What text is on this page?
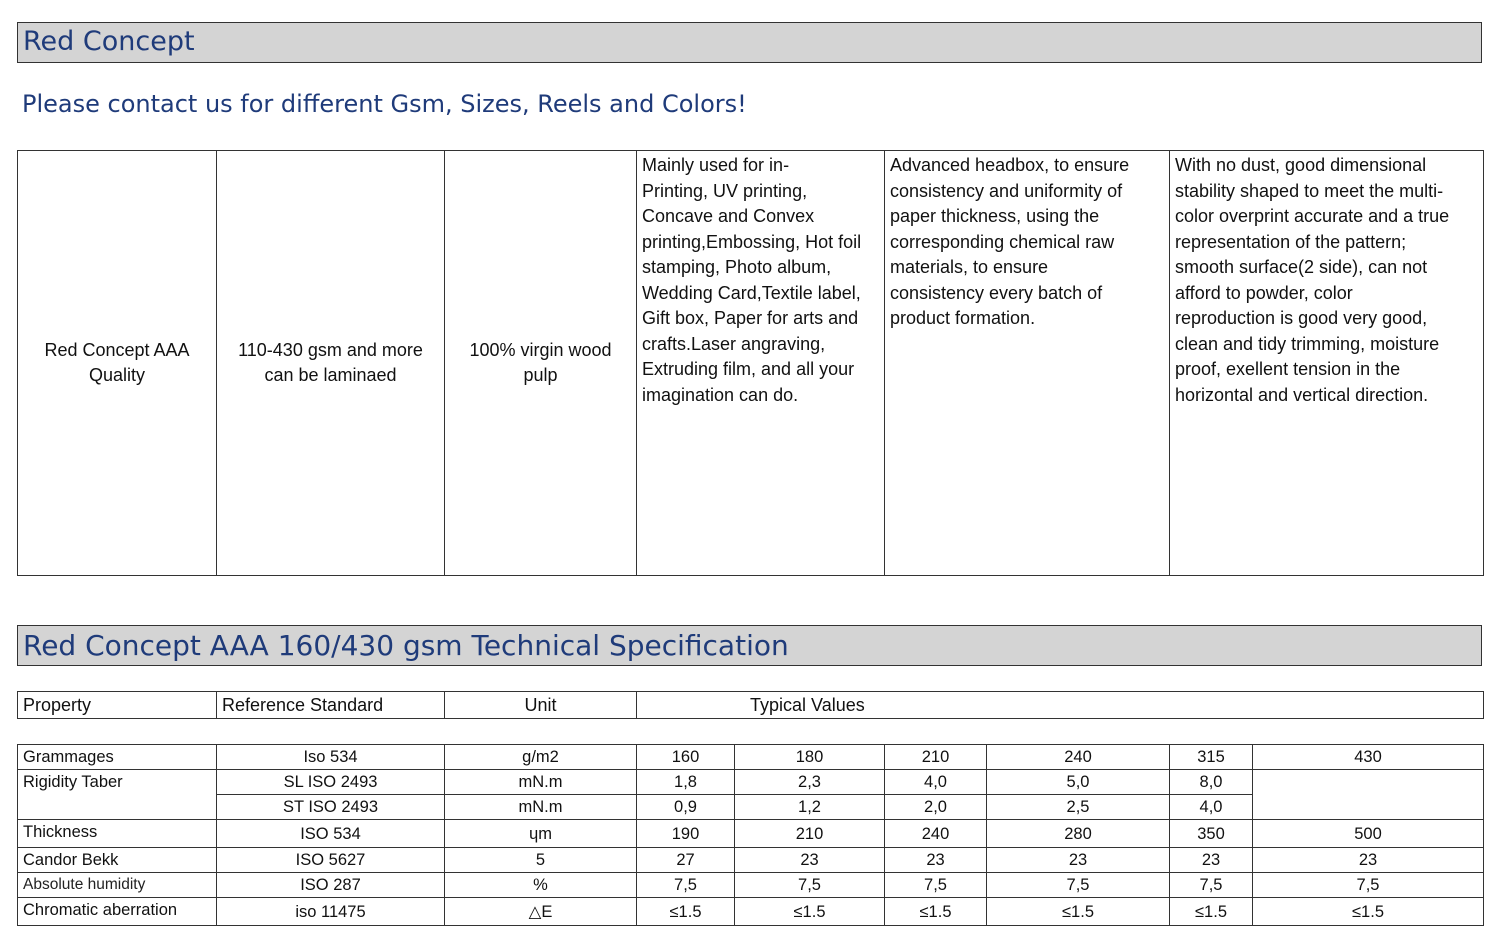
Red Concept
Please contact us for different Gsm, Sizes, Reels and Colors!
Red Concept AAA Quality	110-430 gsm and more can be laminaed	100% virgin wood pulp	Mainly used for in-
Printing, UV printing,
Concave and Convex
printing,Embossing, Hot foil
stamping, Photo album,
Wedding Card,Textile label,
Gift box, Paper for arts and
crafts.Laser angraving,
Extruding film, and all your
imagination can do.	Advanced headbox, to ensure
consistency and uniformity of
paper thickness, using the
corresponding chemical raw
materials, to ensure
consistency every batch of
product formation.	With no dust, good dimensional
stability shaped to meet the multi-
color overprint accurate and a true
representation of the pattern;
smooth surface(2 side), can not
afford to powder, color
reproduction is good very good,
clean and tidy trimming, moisture
proof, exellent tension in the
horizontal and vertical direction.
Red Concept AAA 160/430 gsm Technical Specification
Property	Reference Standard	Unit	Typical Values
Grammages	Iso 534	g/m2	160	180	210	240	315	430
Rigidity Taber	SL ISO 2493	mN.m	1,8	2,3	4,0	5,0	8,0	
	ST ISO 2493	mN.m	0,9	1,2	2,0	2,5	4,0	
Thickness	ISO 534	ɥm	190	210	240	280	350	500
Candor Bekk	ISO 5627	5	27	23	23	23	23	23
Absolute humidity	ISO 287	%	7,5	7,5	7,5	7,5	7,5	7,5
Chromatic aberration	iso 11475	△E	≤1.5	≤1.5	≤1.5	≤1.5	≤1.5	≤1.5
